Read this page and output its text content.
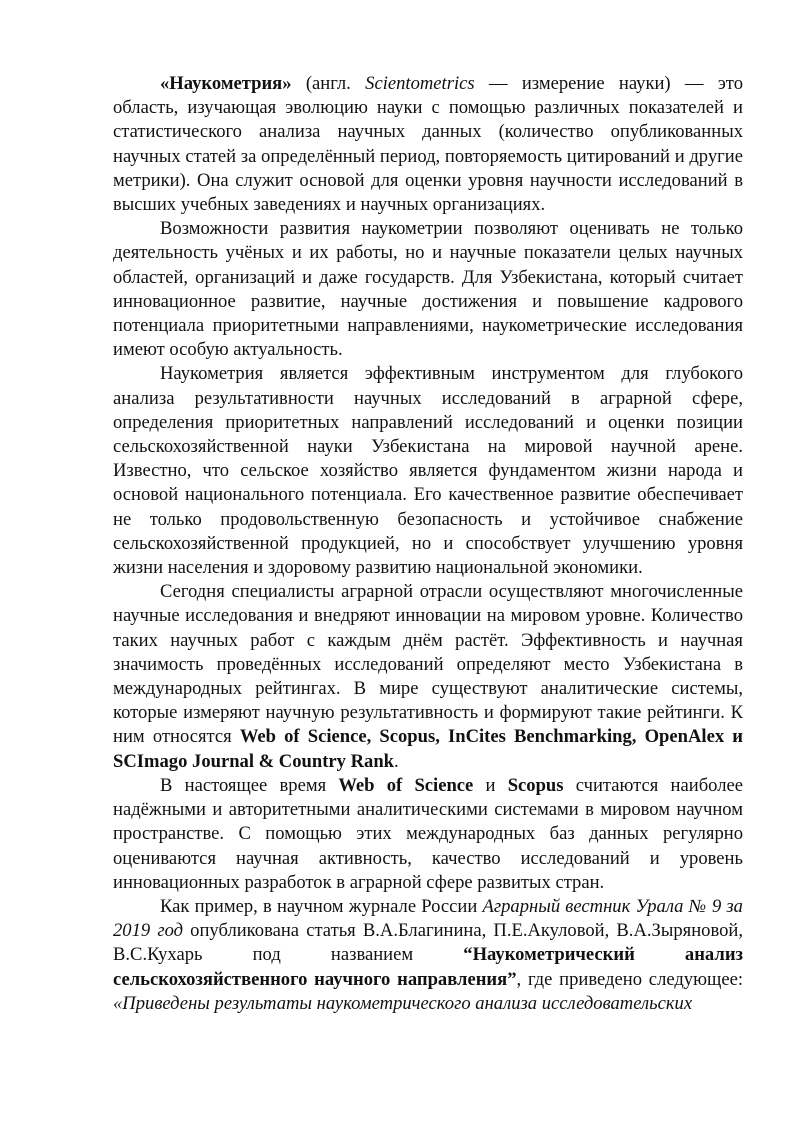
«Наукометрия» (англ. Scientometrics — измерение науки) — это область, изучающая эволюцию науки с помощью различных показателей и статистического анализа научных данных (количество опубликованных научных статей за определённый период, повторяемость цитирований и другие метрики). Она служит основой для оценки уровня научности исследований в высших учебных заведениях и научных организациях.

Возможности развития наукометрии позволяют оценивать не только деятельность учёных и их работы, но и научные показатели целых научных областей, организаций и даже государств. Для Узбекистана, который считает инновационное развитие, научные достижения и повышение кадрового потенциала приоритетными направлениями, наукометрические исследования имеют особую актуальность.

Наукометрия является эффективным инструментом для глубокого анализа результативности научных исследований в аграрной сфере, определения приоритетных направлений исследований и оценки позиции сельскохозяйственной науки Узбекистана на мировой научной арене. Известно, что сельское хозяйство является фундаментом жизни народа и основой национального потенциала. Его качественное развитие обеспечивает не только продовольственную безопасность и устойчивое снабжение сельскохозяйственной продукцией, но и способствует улучшению уровня жизни населения и здоровому развитию национальной экономики.

Сегодня специалисты аграрной отрасли осуществляют многочисленные научные исследования и внедряют инновации на мировом уровне. Количество таких научных работ с каждым днём растёт. Эффективность и научная значимость проведённых исследований определяют место Узбекистана в международных рейтингах. В мире существуют аналитические системы, которые измеряют научную результативность и формируют такие рейтинги. К ним относятся Web of Science, Scopus, InCites Benchmarking, OpenAlex и SCImago Journal & Country Rank.

В настоящее время Web of Science и Scopus считаются наиболее надёжными и авторитетными аналитическими системами в мировом научном пространстве. С помощью этих международных баз данных регулярно оцениваются научная активность, качество исследований и уровень инновационных разработок в аграрной сфере развитых стран.

Как пример, в научном журнале России Аграрный вестник Урала № 9 за 2019 год опубликована статья В.А.Благинина, П.Е.Акуловой, В.А.Зыряновой, В.С.Кухарь под названием “Наукометрический анализ сельскохозяйственного научного направления”, где приведено следующее: «Приведены результаты наукометрического анализа исследовательских
